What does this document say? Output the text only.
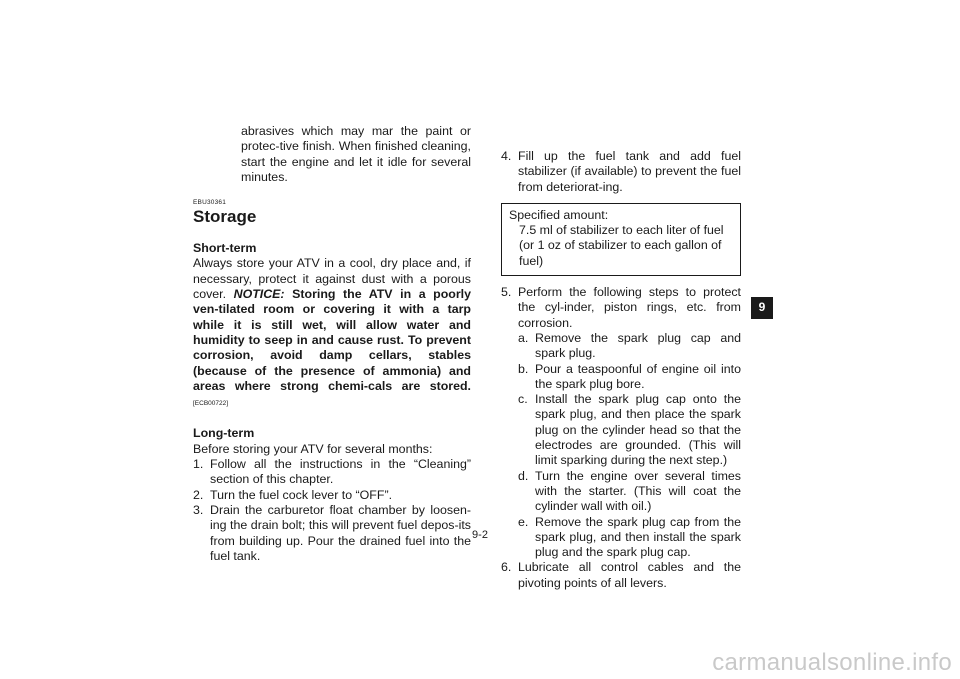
abrasives which may mar the paint or protec-tive finish. When finished cleaning, start the engine and let it idle for several minutes.

EBU30361
Storage
Short-term

Always store your ATV in a cool, dry place and, if necessary, protect it against dust with a porous cover. NOTICE: Storing the ATV in a poorly ven-tilated room or covering it with a tarp while it is still wet, will allow water and humidity to seep in and cause rust. To prevent corrosion, avoid damp cellars, stables (because of the presence of ammonia) and areas where strong chemi-cals are stored. [ECB00722]

Long-term

Before storing your ATV for several months:

1. Follow all the instructions in the “Cleaning” section of this chapter.
2. Turn the fuel cock lever to “OFF”.
3. Drain the carburetor float chamber by loosen-ing the drain bolt; this will prevent fuel depos-its from building up. Pour the drained fuel into the fuel tank.
4. Fill up the fuel tank and add fuel stabilizer (if available) to prevent the fuel from deteriorat-ing.
Specified amount:
7.5 ml of stabilizer to each liter of fuel (or 1 oz of stabilizer to each gallon of fuel)
5. Perform the following steps to protect the cyl-inder, piston rings, etc. from corrosion.
a. Remove the spark plug cap and spark plug.
b. Pour a teaspoonful of engine oil into the spark plug bore.
c. Install the spark plug cap onto the spark plug, and then place the spark plug on the cylinder head so that the electrodes are grounded. (This will limit sparking during the next step.)
d. Turn the engine over several times with the starter. (This will coat the cylinder wall with oil.)
e. Remove the spark plug cap from the spark plug, and then install the spark plug and the spark plug cap.
6. Lubricate all control cables and the pivoting points of all levers.
9-2
9
carmanualsonline.info
